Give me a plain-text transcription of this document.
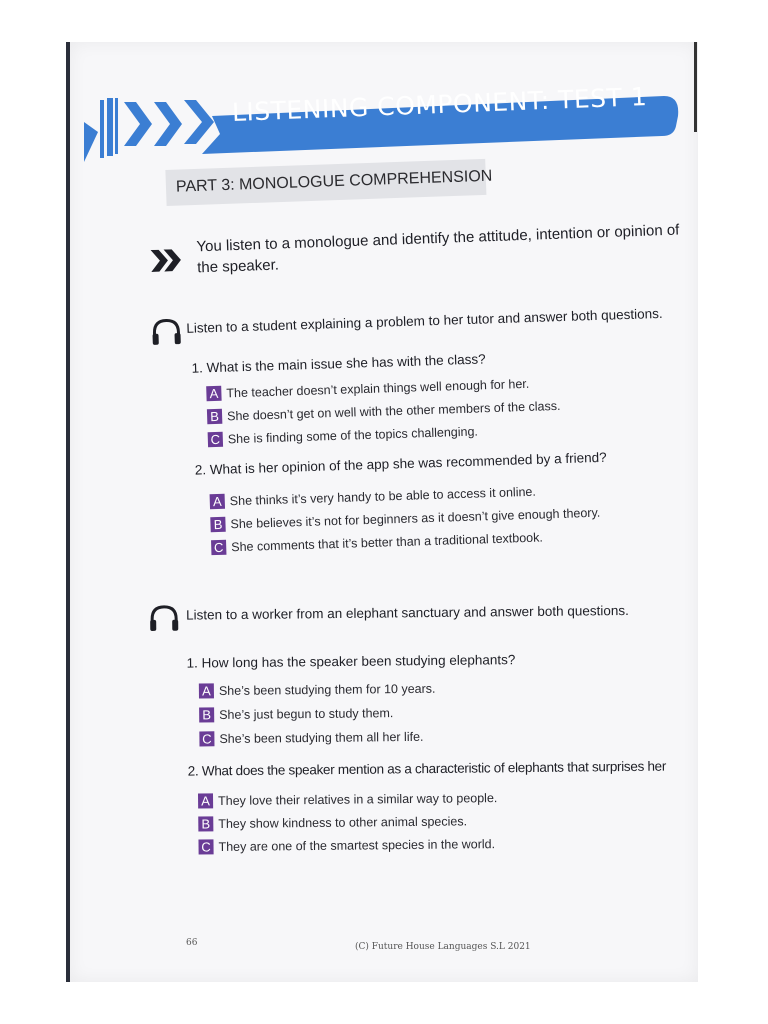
LISTENING COMPONENT: TEST 1
PART 3: MONOLOGUE COMPREHENSION
You listen to a monologue and identify the attitude, intention or opinion of the speaker.
Listen to a student explaining a problem to her tutor and answer both questions.
1. What is the main issue she has with the class?
A The teacher doesn’t explain things well enough for her.
B She doesn’t get on well with the other members of the class.
C She is finding some of the topics challenging.
2. What is her opinion of the app she was recommended by a friend?
A She thinks it’s very handy to be able to access it online.
B She believes it’s not for beginners as it doesn’t give enough theory.
C She comments that it’s better than a traditional textbook.
Listen to a worker from an elephant sanctuary and answer both questions.
1. How long has the speaker been studying elephants?
A She’s been studying them for 10 years.
B She’s just begun to study them.
C She’s been studying them all her life.
2. What does the speaker mention as a characteristic of elephants that surprises her
A They love their relatives in a similar way to people.
B They show kindness to other animal species.
C They are one of the smartest species in the world.
66	(C) Future House Languages S.L 2021
